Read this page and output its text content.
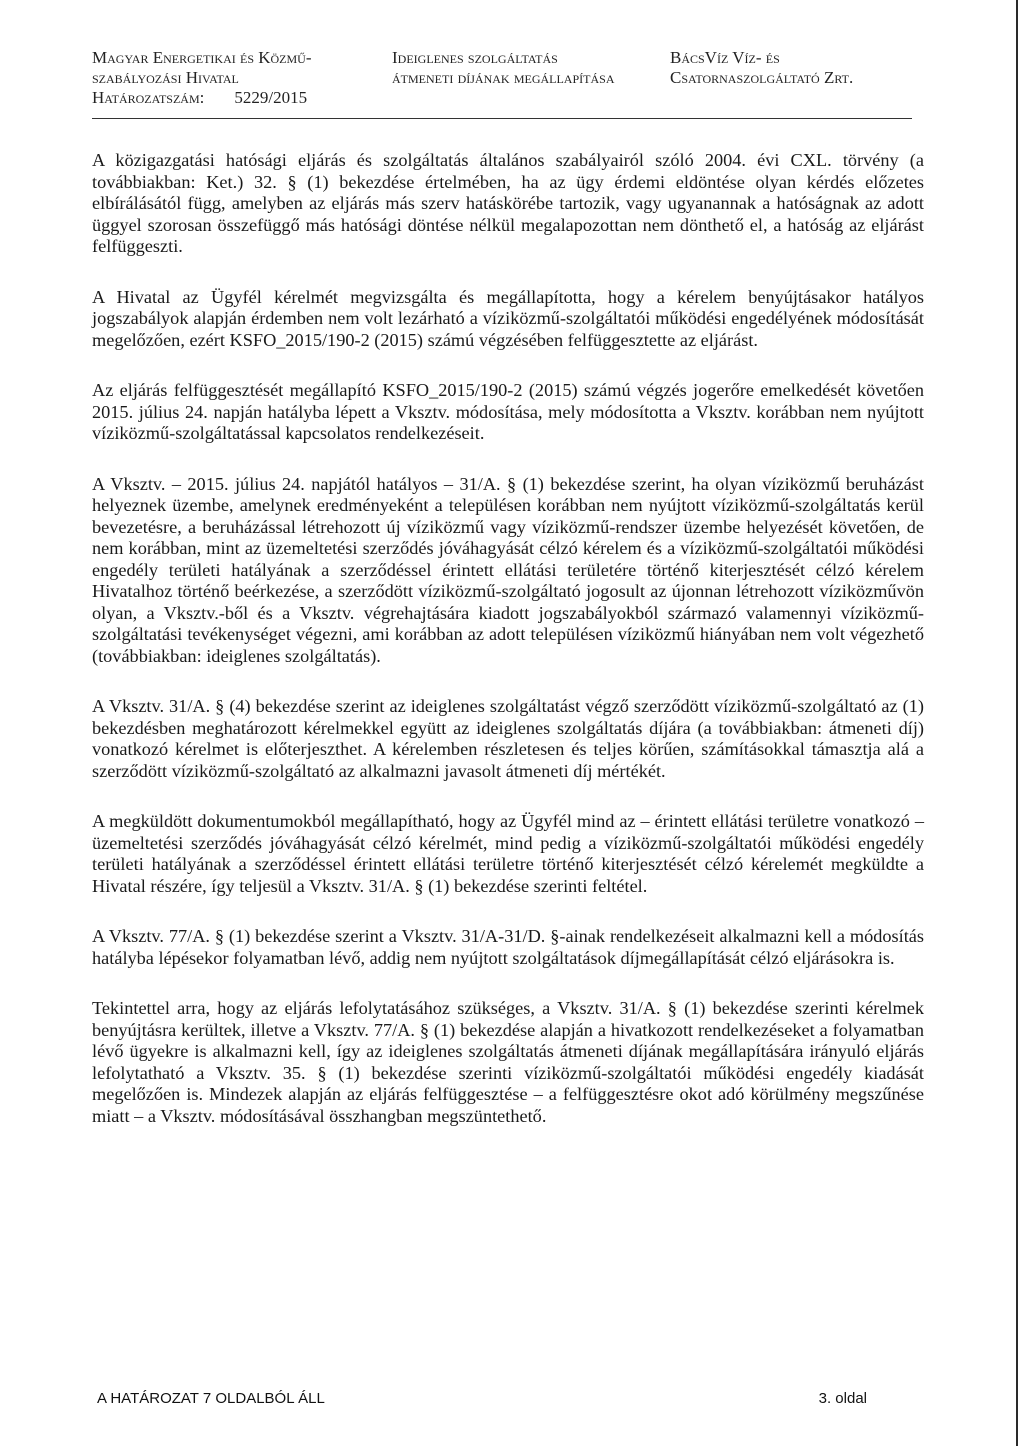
Magyar Energetikai és Közmű-
szabályozási Hivatal
Határozatszám: 5229/2015
Ideiglenes szolgáltatás
átmeneti díjának megállapítása
BácsVíz Víz- és
Csatornaszolgáltató Zrt.

A közigazgatási hatósági eljárás és szolgáltatás általános szabályairól szóló 2004. évi CXL. törvény (a továbbiakban: Ket.) 32. § (1) bekezdése értelmében, ha az ügy érdemi eldöntése olyan kérdés előzetes elbírálásától függ, amelyben az eljárás más szerv hatáskörébe tartozik, vagy ugyanannak a hatóságnak az adott üggyel szorosan összefüggő más hatósági döntése nélkül megalapozottan nem dönthető el, a hatóság az eljárást felfüggeszti.

A Hivatal az Ügyfél kérelmét megvizsgálta és megállapította, hogy a kérelem benyújtásakor hatályos jogszabályok alapján érdemben nem volt lezárható a víziközmű-szolgáltatói működési engedélyének módosítását megelőzően, ezért KSFO_2015/190-2 (2015) számú végzésében felfüggesztette az eljárást.

Az eljárás felfüggesztését megállapító KSFO_2015/190-2 (2015) számú végzés jogerőre emelkedését követően 2015. július 24. napján hatályba lépett a Vksztv. módosítása, mely módosította a Vksztv. korábban nem nyújtott víziközmű-szolgáltatással kapcsolatos rendelkezéseit.

A Vksztv. – 2015. július 24. napjától hatályos – 31/A. § (1) bekezdése szerint, ha olyan víziközmű beruházást helyeznek üzembe, amelynek eredményeként a településen korábban nem nyújtott víziközmű-szolgáltatás kerül bevezetésre, a beruházással létrehozott új víziközmű vagy víziközmű-rendszer üzembe helyezését követően, de nem korábban, mint az üzemeltetési szerződés jóváhagyását célzó kérelem és a víziközmű-szolgáltatói működési engedély területi hatályának a szerződéssel érintett ellátási területére történő kiterjesztését célzó kérelem Hivatalhoz történő beérkezése, a szerződött víziközmű-szolgáltató jogosult az újonnan létrehozott víziközművön olyan, a Vksztv.-ből és a Vksztv. végrehajtására kiadott jogszabályokból származó valamennyi víziközmű-szolgáltatási tevékenységet végezni, ami korábban az adott településen víziközmű hiányában nem volt végezhető (továbbiakban: ideiglenes szolgáltatás).

A Vksztv. 31/A. § (4) bekezdése szerint az ideiglenes szolgáltatást végző szerződött víziközmű-szolgáltató az (1) bekezdésben meghatározott kérelmekkel együtt az ideiglenes szolgáltatás díjára (a továbbiakban: átmeneti díj) vonatkozó kérelmet is előterjeszthet. A kérelemben részletesen és teljes körűen, számításokkal támasztja alá a szerződött víziközmű-szolgáltató az alkalmazni javasolt átmeneti díj mértékét.

A megküldött dokumentumokból megállapítható, hogy az Ügyfél mind az – érintett ellátási területre vonatkozó – üzemeltetési szerződés jóváhagyását célzó kérelmét, mind pedig a víziközmű-szolgáltatói működési engedély területi hatályának a szerződéssel érintett ellátási területre történő kiterjesztését célzó kérelemét megküldte a Hivatal részére, így teljesül a Vksztv. 31/A. § (1) bekezdése szerinti feltétel.

A Vksztv. 77/A. § (1) bekezdése szerint a Vksztv. 31/A-31/D. §-ainak rendelkezéseit alkalmazni kell a módosítás hatályba lépésekor folyamatban lévő, addig nem nyújtott szolgáltatások díjmegállapítását célzó eljárásokra is.

Tekintettel arra, hogy az eljárás lefolytatásához szükséges, a Vksztv. 31/A. § (1) bekezdése szerinti kérelmek benyújtásra kerültek, illetve a Vksztv. 77/A. § (1) bekezdése alapján a hivatkozott rendelkezéseket a folyamatban lévő ügyekre is alkalmazni kell, így az ideiglenes szolgáltatás átmeneti díjának megállapítására irányuló eljárás lefolytatható a Vksztv. 35. § (1) bekezdése szerinti víziközmű-szolgáltatói működési engedély kiadását megelőzően is. Mindezek alapján az eljárás felfüggesztése – a felfüggesztésre okot adó körülmény megszűnése miatt – a Vksztv. módosításával összhangban megszüntethető.

A HATÁROZAT 7 OLDALBÓL ÁLL	3. oldal
